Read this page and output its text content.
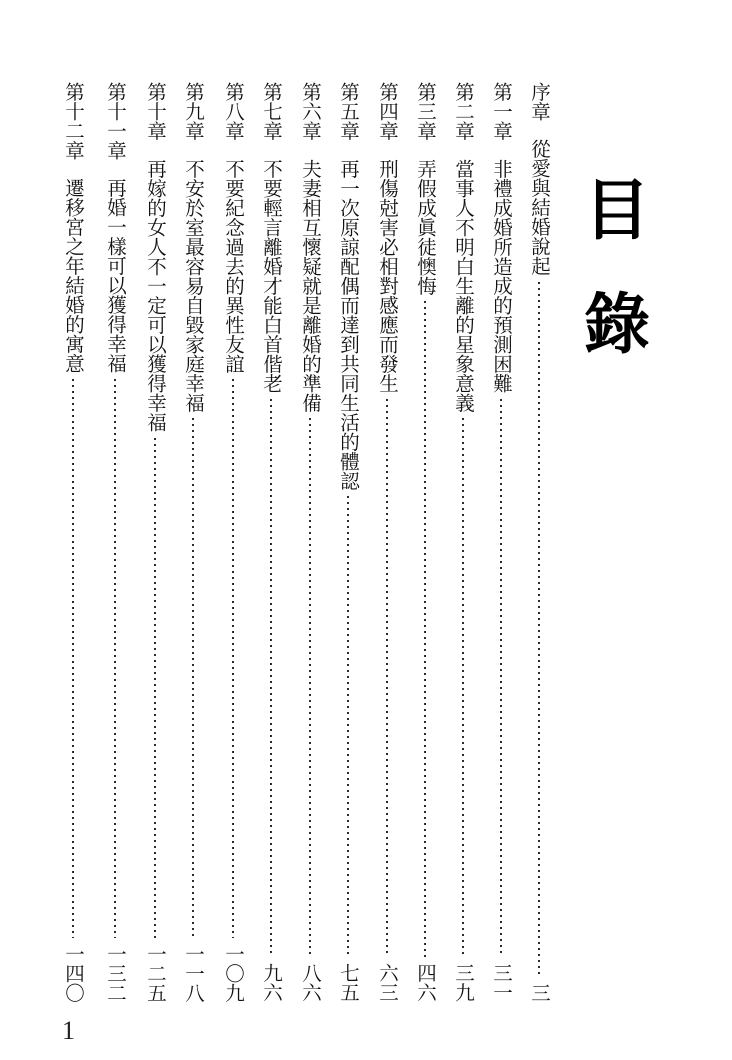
目
錄
序章
從愛與結婚說起
三
第一章
非禮成婚所造成的預測困難
三一
第二章
當事人不明白生離的星象意義
三九
第三章
弄假成眞徒懊悔
四六
第四章
刑傷尅害必相對感應而發生
六三
第五章
再一次原諒配偶而達到共同生活的體認
七五
第六章
夫妻相互懷疑就是離婚的準備
八六
第七章
不要輕言離婚才能白首偕老
九六
第八章
不要紀念過去的異性友誼
一〇九
第九章
不安於室最容易自毀家庭幸福
一一八
第十章
再嫁的女人不一定可以獲得幸福
一二五
第十一章
再婚一樣可以獲得幸福
一三二
第十二章
遷移宮之年結婚的寓意
一四〇
1
